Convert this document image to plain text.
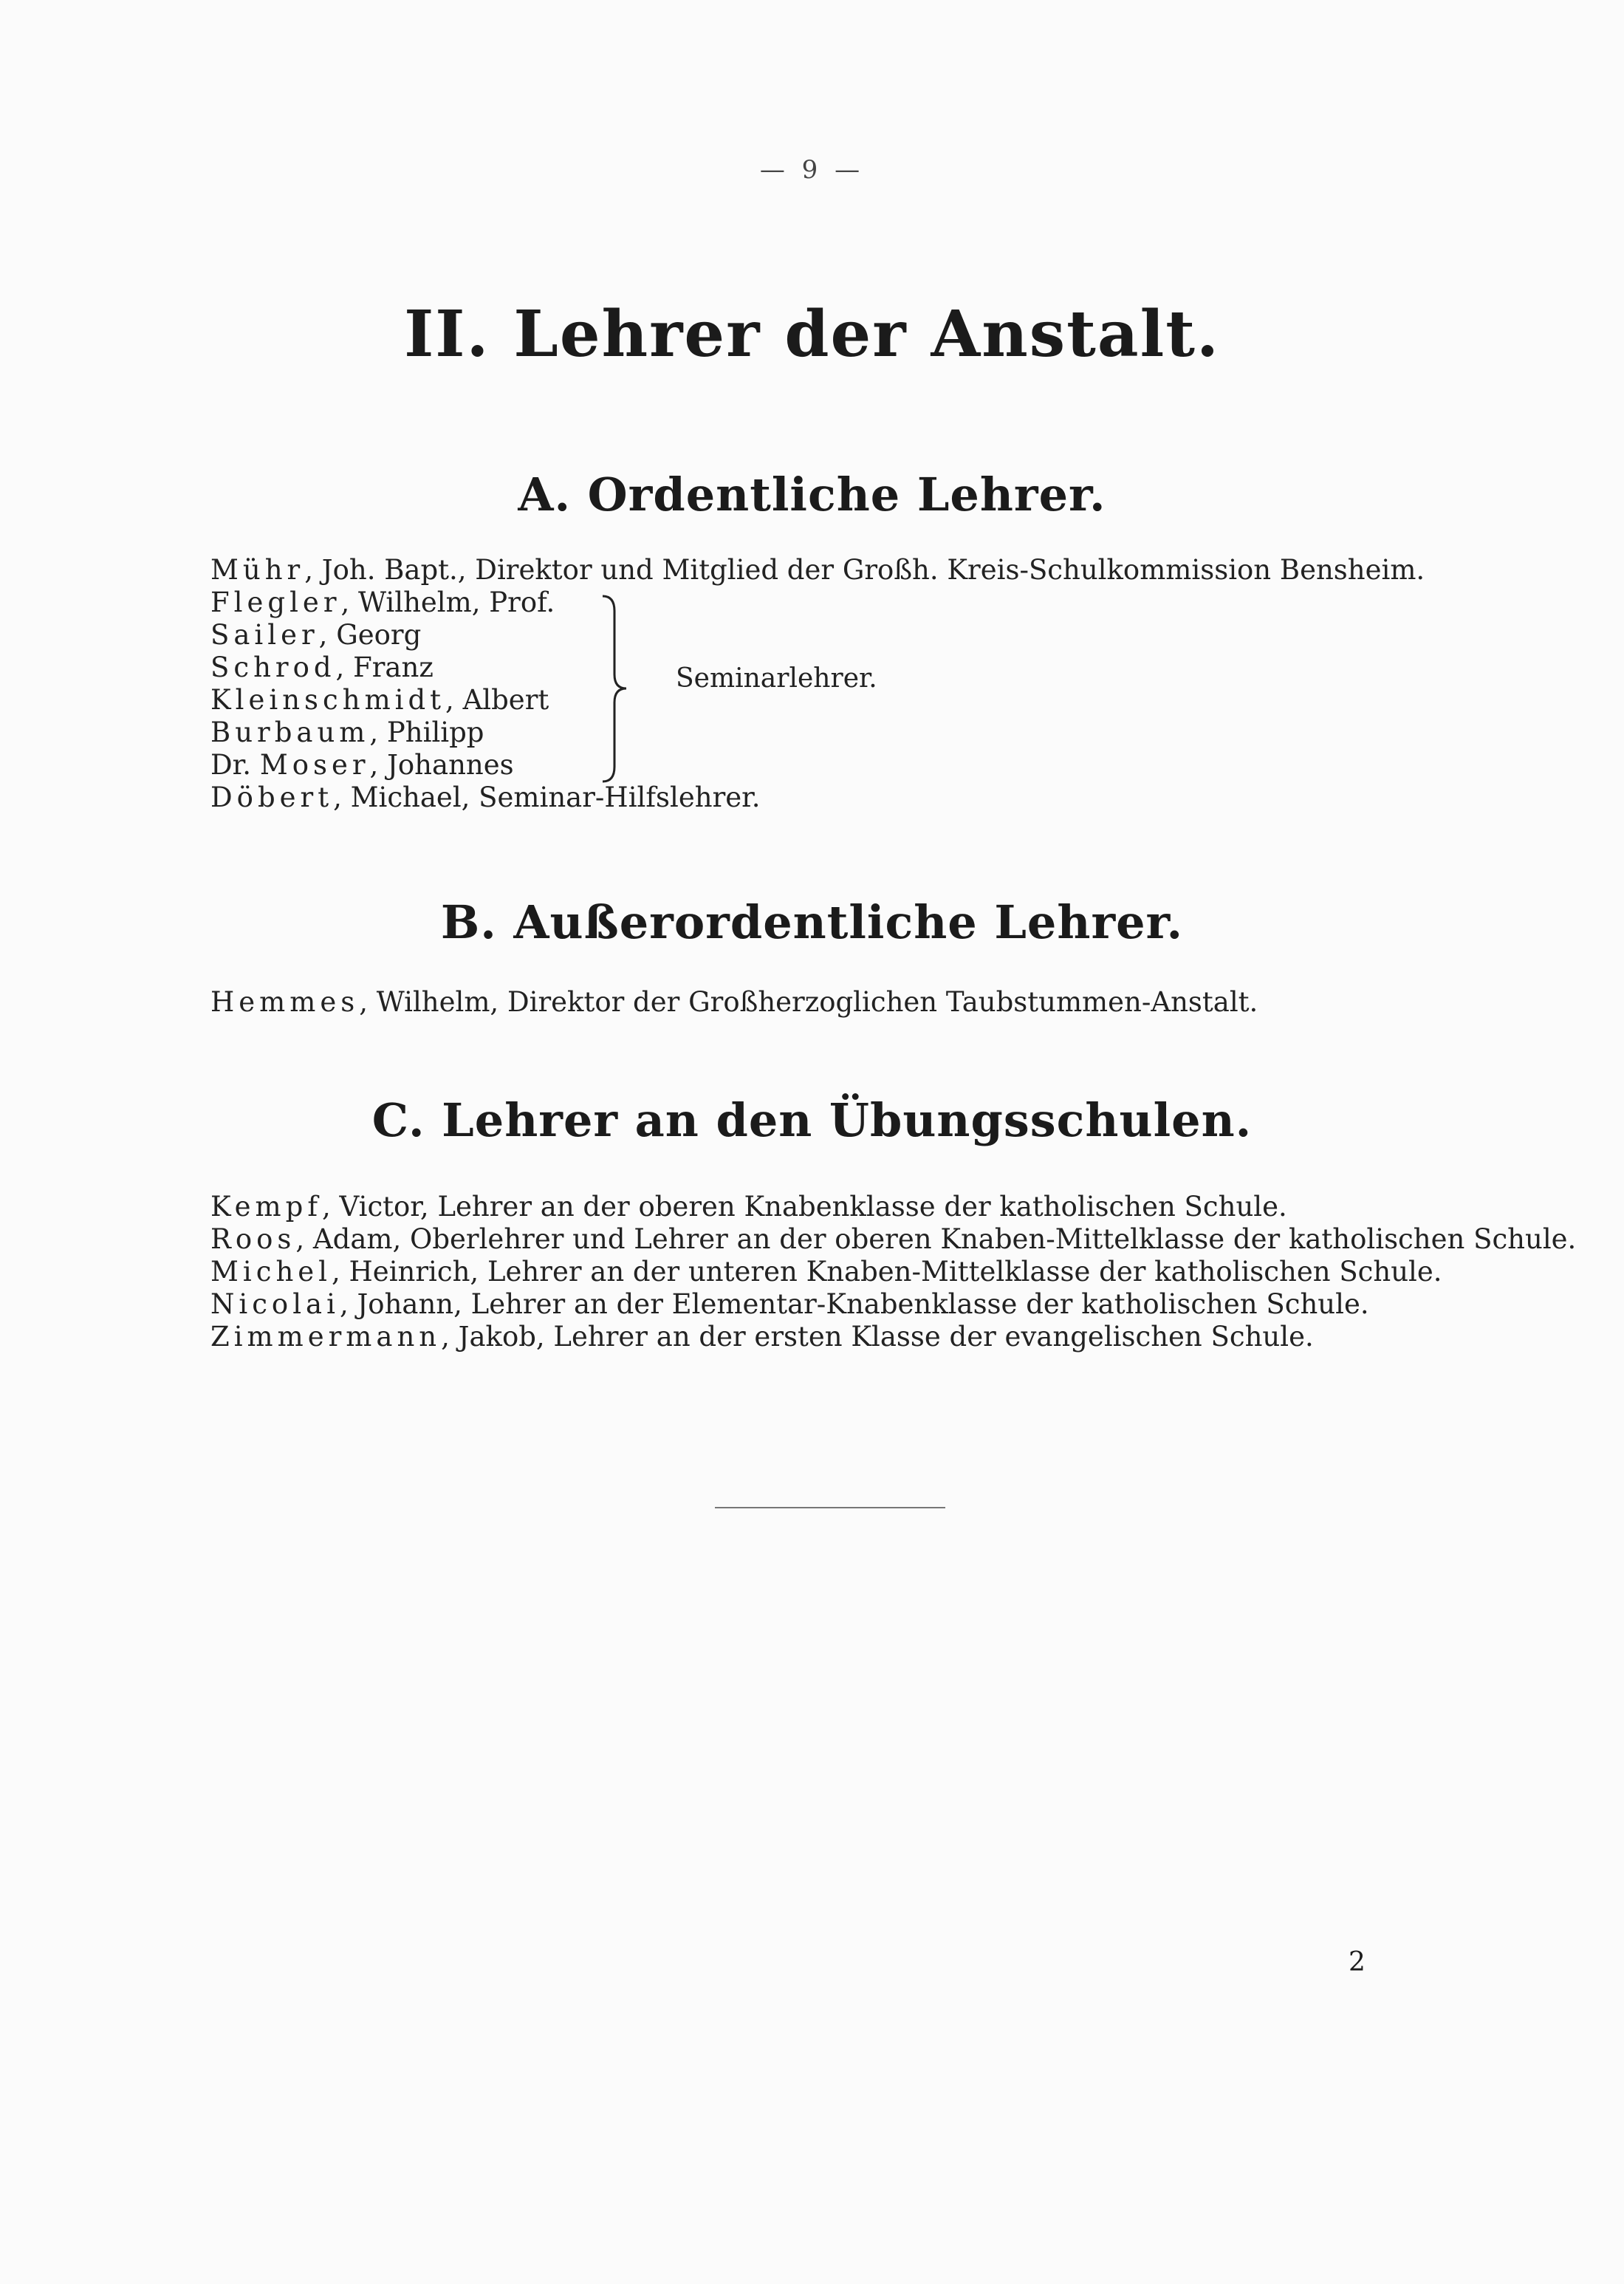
— 9 —
II. Lehrer der Anstalt.
A. Ordentliche Lehrer.
Mühr, Joh. Bapt., Direktor und Mitglied der Großh. Kreis-Schulkommission Bensheim.
Flegler, Wilhelm, Prof.
Sailer, Georg
Schrod, Franz
Kleinschmidt, Albert
Burbaum, Philipp
Dr. Moser, Johannes
Döbert, Michael, Seminar-Hilfslehrer.
Seminarlehrer.
B. Außerordentliche Lehrer.
Hemmes, Wilhelm, Direktor der Großherzoglichen Taubstummen-Anstalt.
C. Lehrer an den Übungsschulen.
Kempf, Victor, Lehrer an der oberen Knabenklasse der katholischen Schule.
Roos, Adam, Oberlehrer und Lehrer an der oberen Knaben-Mittelklasse der katholischen Schule.
Michel, Heinrich, Lehrer an der unteren Knaben-Mittelklasse der katholischen Schule.
Nicolai, Johann, Lehrer an der Elementar-Knabenklasse der katholischen Schule.
Zimmermann, Jakob, Lehrer an der ersten Klasse der evangelischen Schule.
2
